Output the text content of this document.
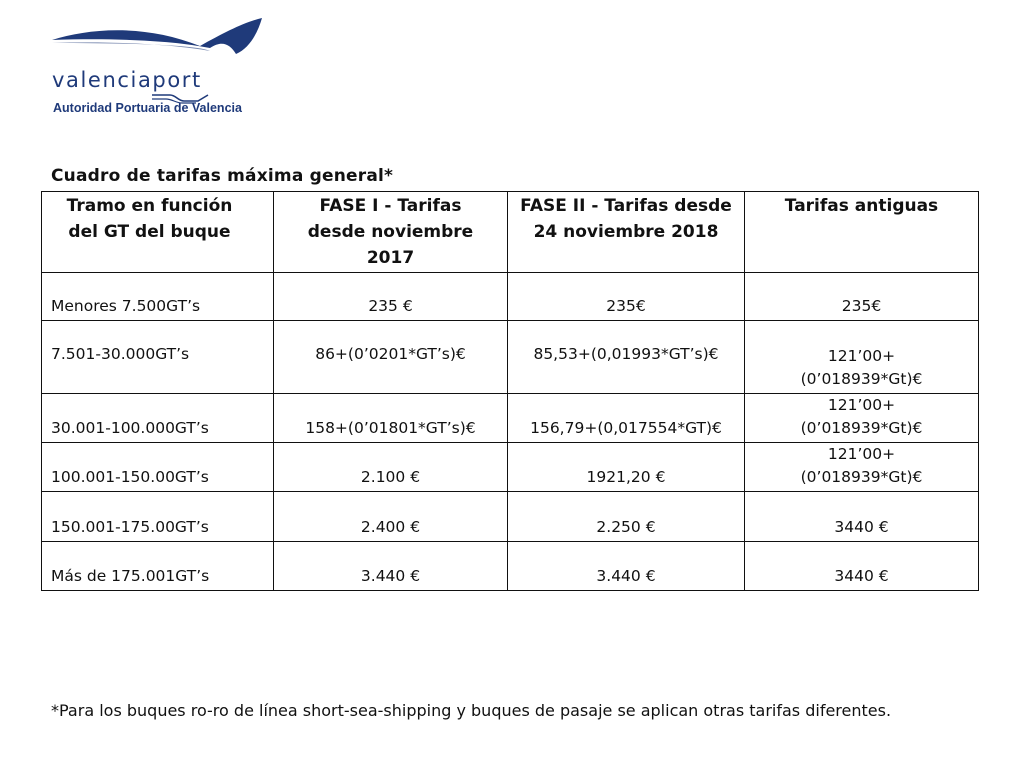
valenciaport
Autoridad Portuaria de Valencia
Cuadro de tarifas máxima general*
Tramo en función del GT del buque	FASE I - Tarifas desde noviembre 2017	FASE II - Tarifas desde 24 noviembre 2018	Tarifas antiguas
Menores 7.500GT’s	235 €	235€	235€
7.501-30.000GT’s	86+(0’0201*GT’s)€	85,53+(0,01993*GT’s)€	121’00+ (0’018939*Gt)€
30.001-100.000GT’s	158+(0’01801*GT’s)€	156,79+(0,017554*GT)€	121’00+ (0’018939*Gt)€
100.001-150.00GT’s	2.100 €	1921,20 €	121’00+ (0’018939*Gt)€
150.001-175.00GT’s	2.400 €	2.250 €	3440 €
Más de 175.001GT’s	3.440 €	3.440 €	3440 €

*Para los buques ro-ro de línea short-sea-shipping y buques de pasaje se aplican otras tarifas diferentes.
